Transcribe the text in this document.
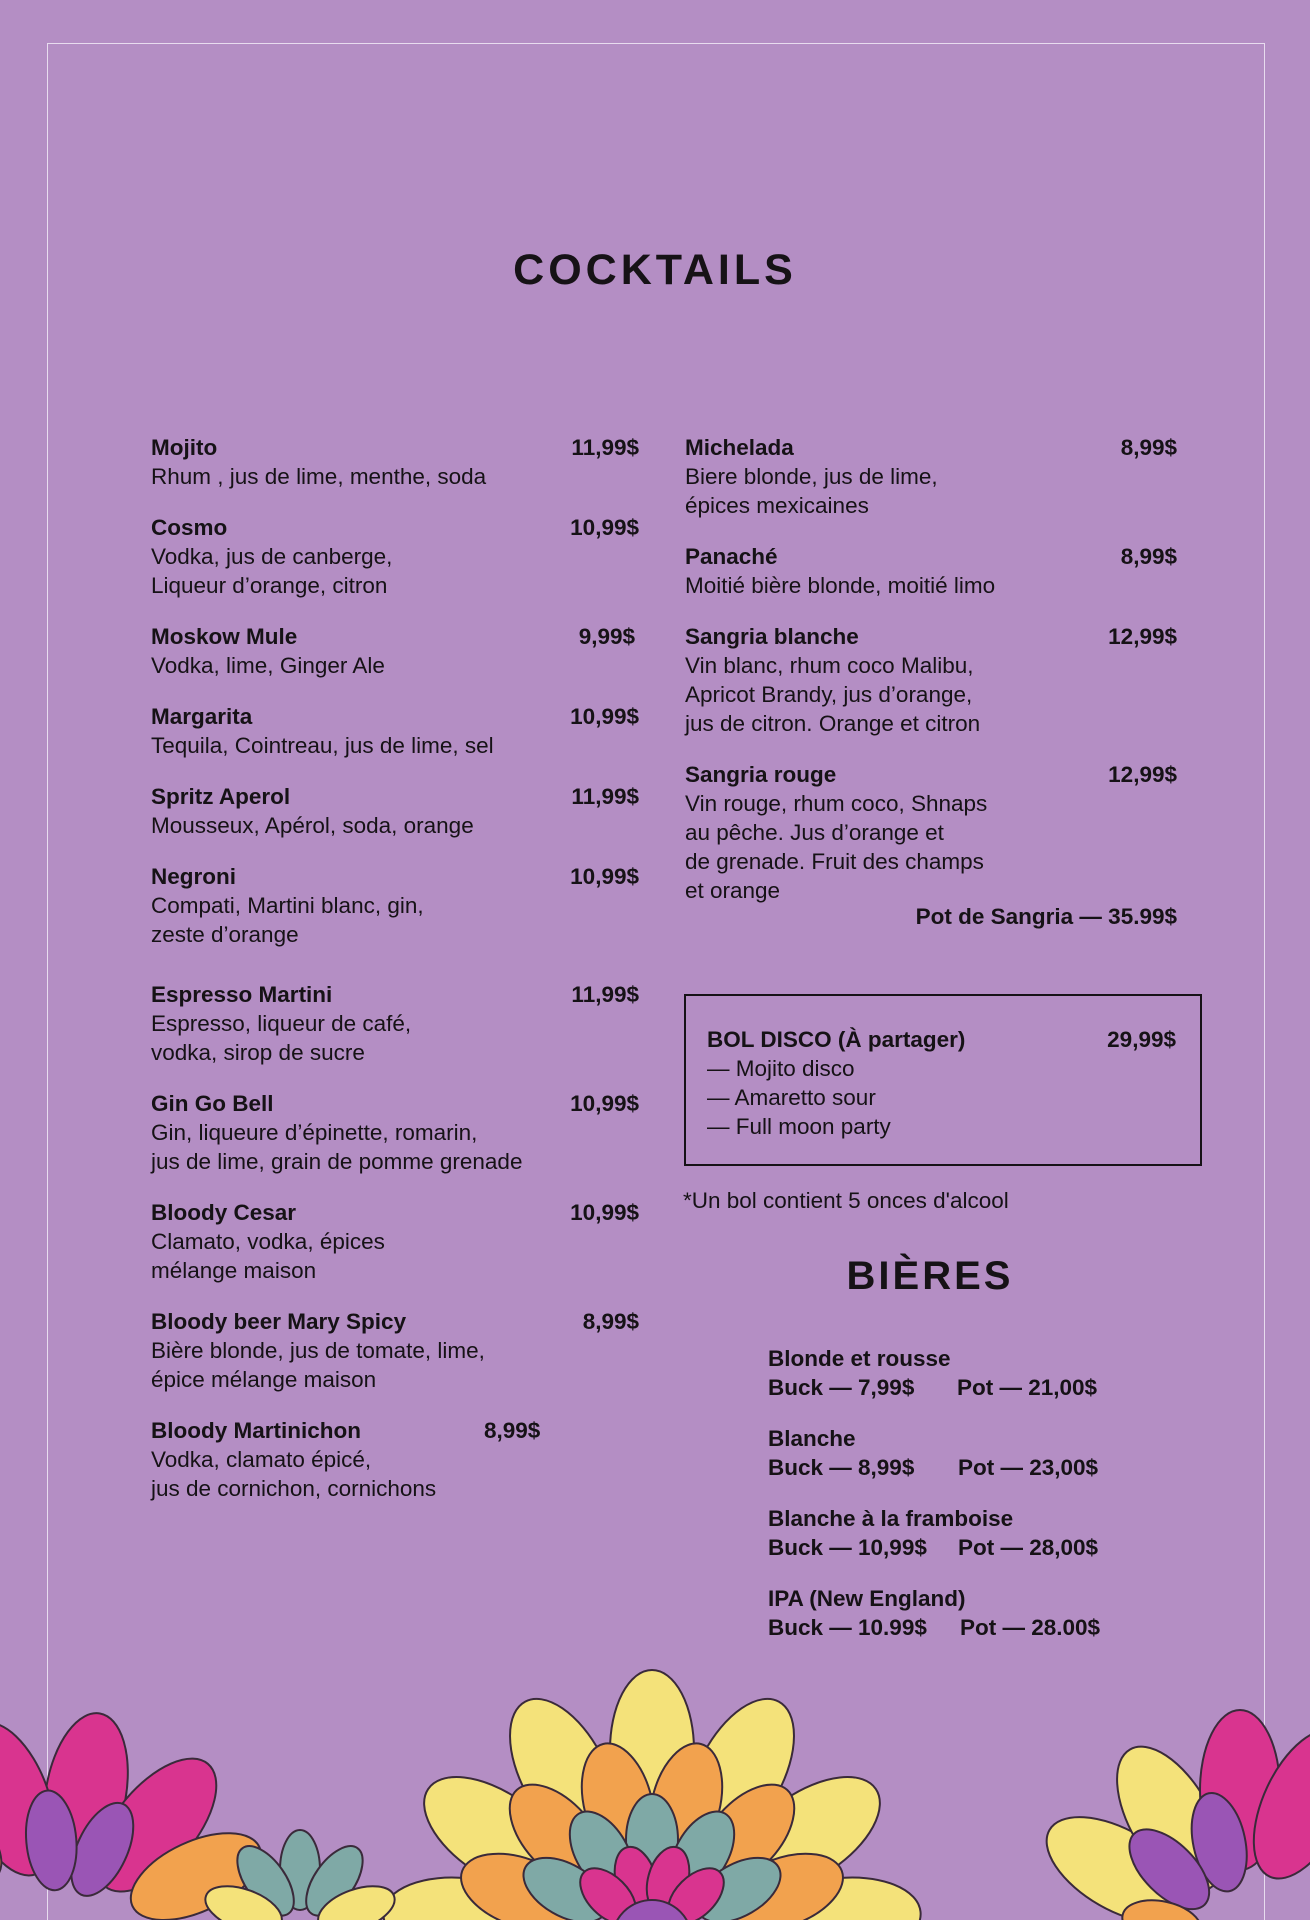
COCKTAILS
Mojito	11,99$
Rhum , jus de lime, menthe, soda
Cosmo	10,99$
Vodka, jus de canberge,
Liqueur d’orange, citron
Moskow Mule	9,99$
Vodka, lime, Ginger Ale
Margarita	10,99$
Tequila, Cointreau, jus de lime, sel
Spritz Aperol	11,99$
Mousseux, Apérol, soda, orange
Negroni	10,99$
Compati, Martini blanc, gin,
zeste d’orange
Espresso Martini	11,99$
Espresso, liqueur de café,
vodka, sirop de sucre
Gin Go Bell	10,99$
Gin, liqueure d’épinette, romarin,
jus de lime, grain de pomme grenade
Bloody Cesar	10,99$
Clamato, vodka, épices
mélange maison
Bloody beer Mary Spicy	8,99$
Bière blonde, jus de tomate, lime,
épice mélange maison
Bloody Martinichon	8,99$
Vodka, clamato épicé,
jus de cornichon, cornichons
Michelada	8,99$
Biere blonde, jus de lime,
épices mexicaines
Panaché	8,99$
Moitié bière blonde, moitié limo
Sangria blanche	12,99$
Vin blanc, rhum coco Malibu,
Apricot Brandy, jus d’orange,
jus de citron. Orange et citron
Sangria rouge	12,99$
Vin rouge, rhum coco, Shnaps
au pêche. Jus d’orange et
de grenade. Fruit des champs
et orange
Pot de Sangria — 35.99$
BOL DISCO (À partager)	29,99$
— Mojito disco
— Amaretto sour
— Full moon party
*Un bol contient 5 onces d'alcool
BIÈRES
Blonde et rousse
Buck — 7,99$ Pot — 21,00$
Blanche
Buck — 8,99$ Pot — 23,00$
Blanche à la framboise
Buck — 10,99$ Pot — 28,00$
IPA (New England)
Buck — 10.99$ Pot — 28.00$
